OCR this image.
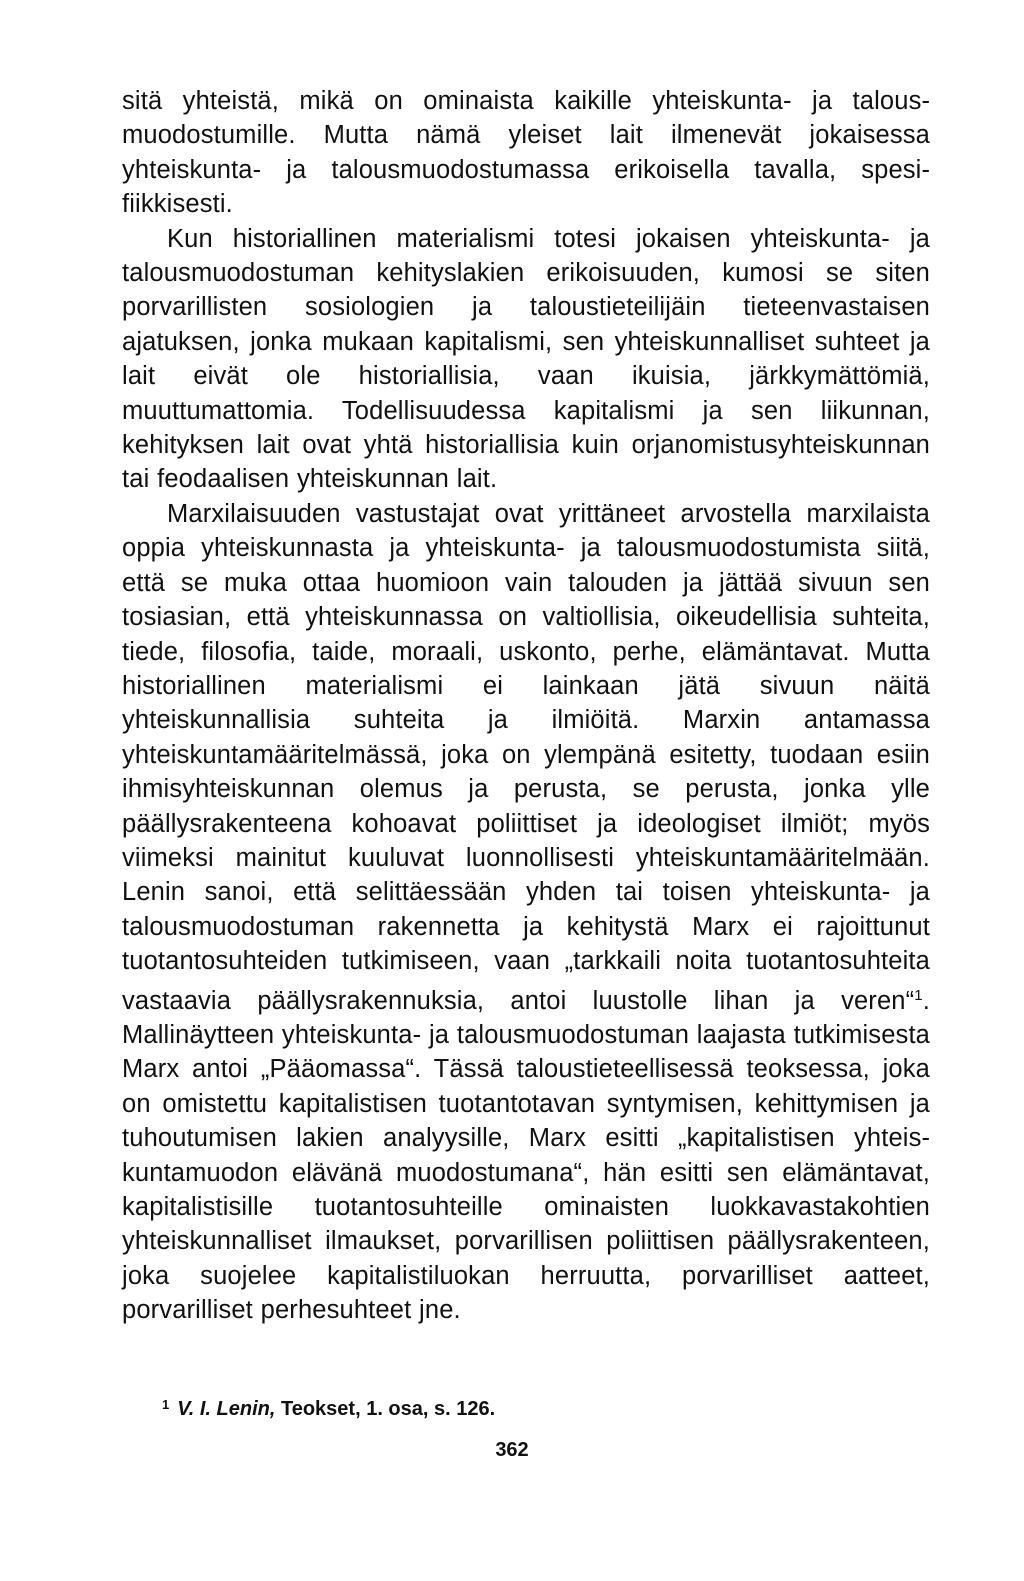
sitä yhteistä, mikä on ominaista kaikille yhteiskunta- ja talousmuodostumille. Mutta nämä yleiset lait ilmenevät jokaisessa yhteiskunta- ja talousmuodostumassa erikoisella tavalla, spesifiikkisesti.

Kun historiallinen materialismi totesi jokaisen yhteiskunta- ja talousmuodostuman kehityslakien erikoisuuden, kumosi se siten porvarillisten sosiologien ja taloustieteilijäin tieteenvastaisen ajatuksen, jonka mukaan kapitalismi, sen yhteiskunnalliset suhteet ja lait eivät ole historiallisia, vaan ikuisia, järkkymättömiä, muuttumattomia. Todellisuudessa kapitalismi ja sen liikunnan, kehityksen lait ovat yhtä historiallisia kuin orjanomistusyhteiskunnan tai feodaalisen yhteiskunnan lait.

Marxilaisuuden vastustajat ovat yrittäneet arvostella marxilaista oppia yhteiskunnasta ja yhteiskunta- ja talousmuodostumista siitä, että se muka ottaa huomioon vain talouden ja jättää sivuun sen tosiasian, että yhteiskunnassa on valtiollisia, oikeudellisia suhteita, tiede, filosofia, taide, moraali, uskonto, perhe, elämäntavat. Mutta historiallinen materialismi ei lainkaan jätä sivuun näitä yhteiskunnallisia suhteita ja ilmiöitä. Marxin antamassa yhteiskuntamääritelmässä, joka on ylempänä esitetty, tuodaan esiin ihmisyhteiskunnan olemus ja perusta, se perusta, jonka ylle päällysrakenteena kohoavat poliittiset ja ideologiset ilmiöt; myös viimeksi mainitut kuuluvat luonnollisesti yhteiskuntamääritelmään. Lenin sanoi, että selittäessään yhden tai toisen yhteiskunta- ja talousmuodostuman rakennetta ja kehitystä Marx ei rajoittunut tuotantosuhteiden tutkimiseen, vaan „tarkkaili noita tuotantosuhteita vastaavia päällysrakennuksia, antoi luustolle lihan ja veren“$^1$. Mallinäytteen yhteiskunta- ja talousmuodostuman laajasta tutkimisesta Marx antoi „Pääomassa“. Tässä taloustieteellisessä teoksessa, joka on omistettu kapitalistisen tuotantotavan syntymisen, kehittymisen ja tuhoutumisen lakien analyysille, Marx esitti „kapitalistisen yhteiskuntamuodon elävänä muodostumana“, hän esitti sen elämäntavat, kapitalistisille tuotantosuhteille ominaisten luokkavastakohtien yhteiskunnalliset ilmaukset, porvarillisen poliittisen päällysrakenteen, joka suojelee kapitalistiluokan herruutta, porvarilliset aatteet, porvarilliset perhesuhteet jne.

$^1$ V. I. Lenin, Teokset, 1. osa, s. 126.
362
